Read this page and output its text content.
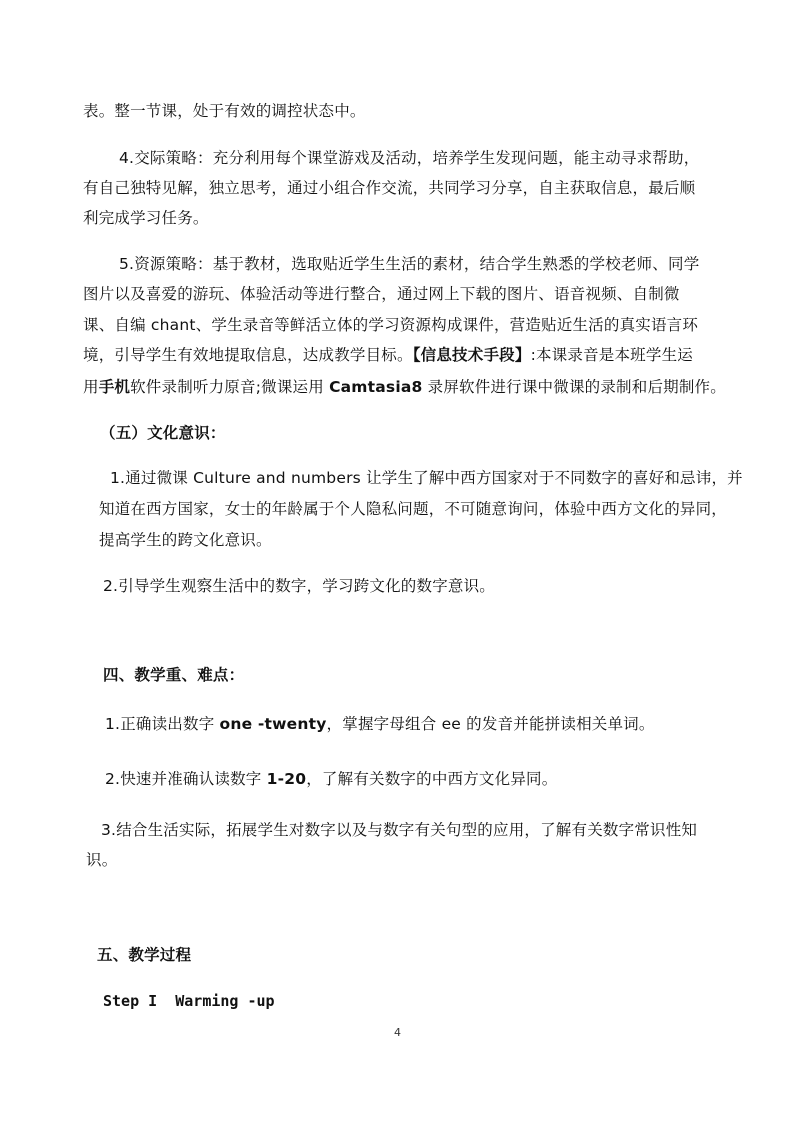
表。整一节课，处于有效的调控状态中。
4.交际策略：充分利用每个课堂游戏及活动，培养学生发现问题，能主动寻求帮助，
有自己独特见解，独立思考，通过小组合作交流，共同学习分享，自主获取信息，最后顺
利完成学习任务。
5.资源策略：基于教材，选取贴近学生生活的素材，结合学生熟悉的学校老师、同学
图片以及喜爱的游玩、体验活动等进行整合，通过网上下载的图片、语音视频、自制微
课、自编 chant、学生录音等鲜活立体的学习资源构成课件，营造贴近生活的真实语言环
境，引导学生有效地提取信息，达成教学目标。【信息技术手段】:本课录音是本班学生运
用手机软件录制听力原音;微课运用 Camtasia8 录屏软件进行课中微课的录制和后期制作。
（五）文化意识：
1.通过微课 Culture and numbers 让学生了解中西方国家对于不同数字的喜好和忌讳，并
知道在西方国家，女士的年龄属于个人隐私问题，不可随意询问，体验中西方文化的异同，
提高学生的跨文化意识。
2.引导学生观察生活中的数字，学习跨文化的数字意识。
四、教学重、难点：
1.正确读出数字 one -twenty，掌握字母组合 ee 的发音并能拼读相关单词。
2.快速并准确认读数字 1-20，了解有关数字的中西方文化异同。
3.结合生活实际，拓展学生对数字以及与数字有关句型的应用，了解有关数字常识性知
识。
五、教学过程
Step I  Warming -up
4
